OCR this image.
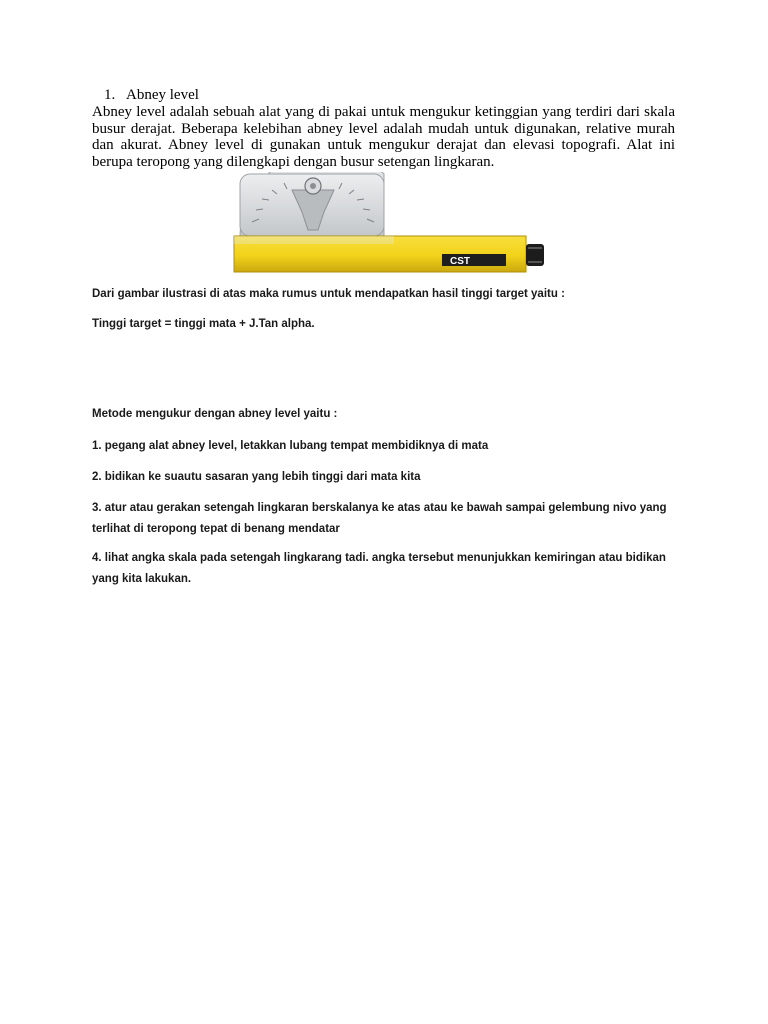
1. Abney level

Abney level adalah sebuah alat yang di pakai untuk mengukur ketinggian yang terdiri dari skala busur derajat. Beberapa kelebihan abney level adalah mudah untuk digunakan, relative murah dan akurat. Abney level di gunakan untuk mengukur derajat dan elevasi topografi. Alat ini berupa teropong yang dilengkapi dengan busur setengan lingkaran.

CST

Dari gambar ilustrasi di atas maka rumus untuk mendapatkan hasil tinggi target yaitu :

Tinggi target = tinggi mata + J.Tan alpha.

Metode mengukur dengan abney level yaitu :

1. pegang alat abney level, letakkan lubang tempat membidiknya di mata

2. bidikan ke suautu sasaran yang lebih tinggi dari mata kita

3. atur atau gerakan setengah lingkaran berskalanya ke atas atau ke bawah sampai gelembung nivo yang terlihat di teropong tepat di benang mendatar

4. lihat angka skala pada setengah lingkarang tadi. angka tersebut menunjukkan kemiringan atau bidikan yang kita lakukan.
